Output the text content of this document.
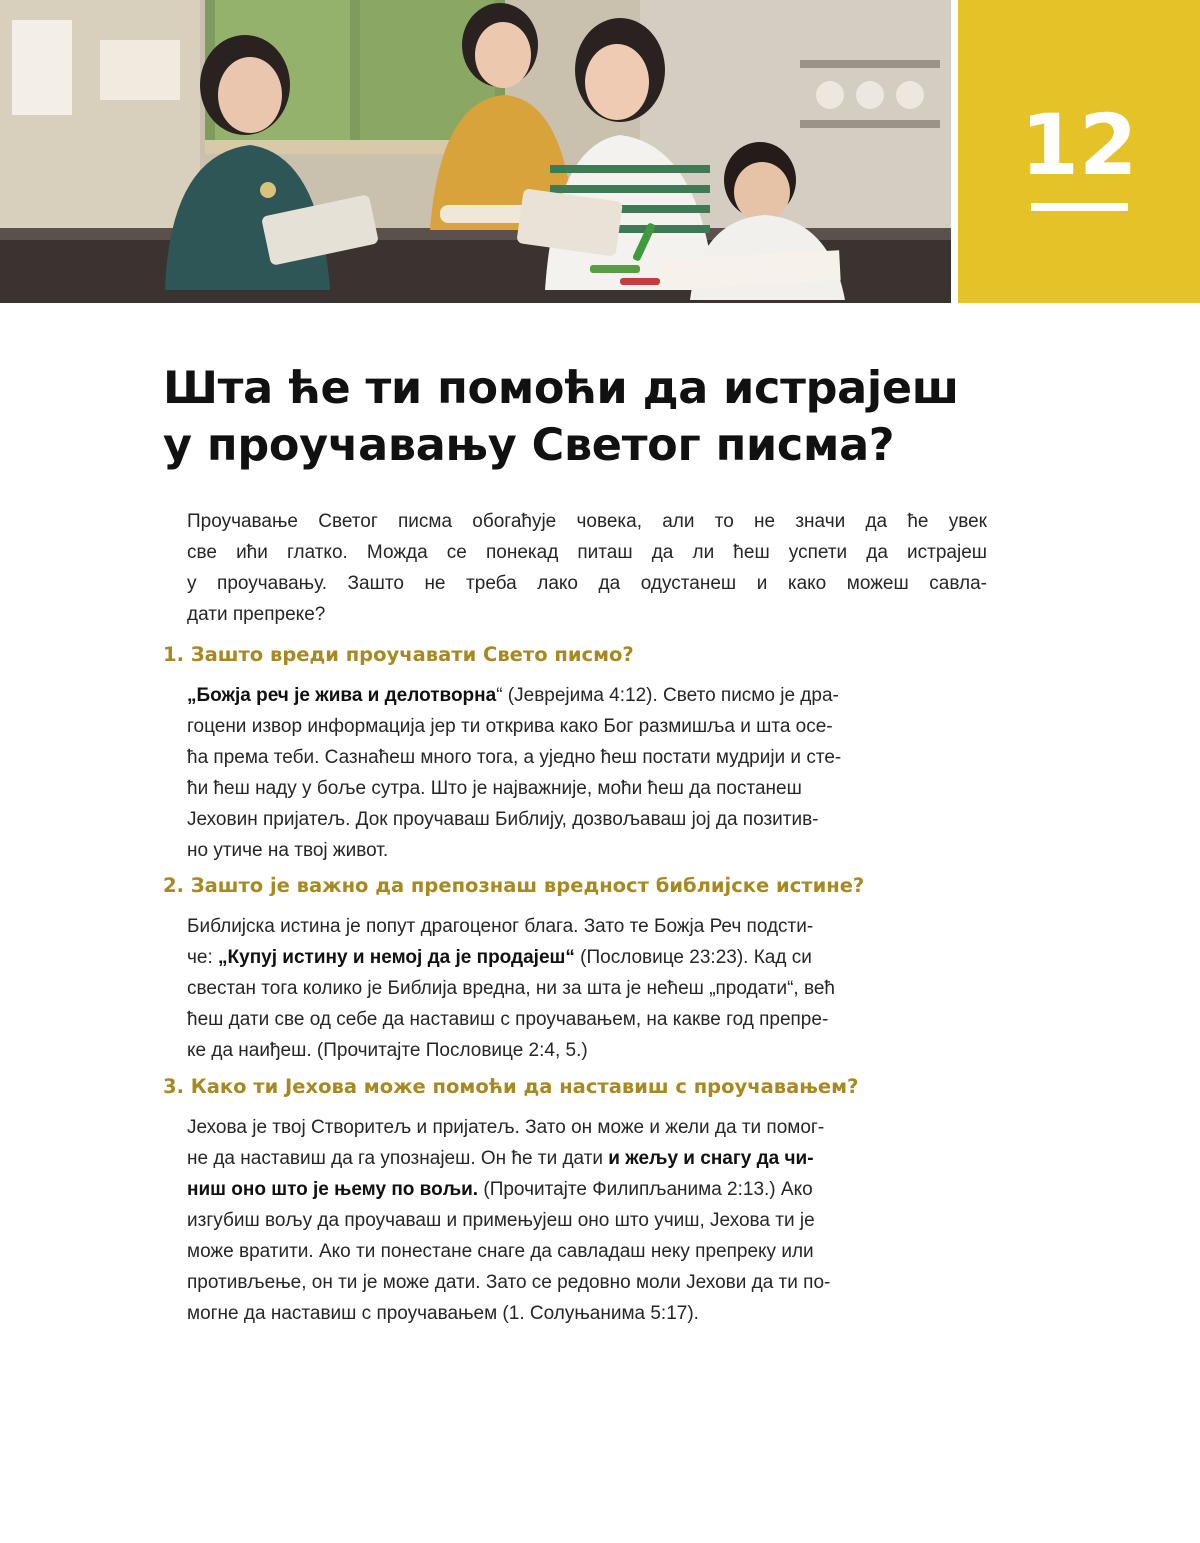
12
Шта ће ти помоћи да истрајеш
у проучавању Светог писма?

Проучавање Светог писма обогаћује човека, али то не значи да ће увек
све ићи глатко. Можда се понекад питаш да ли ћеш успети да истрајеш
у проучавању. Зашто не треба лако да одустанеш и како можеш савла-
дати препреке?

1. Зашто вреди проучавати Свето писмо?

„Божја реч је жива и делотворна“ (Јеврејима 4:12). Свето писмо је дра-
гоцени извор информација јер ти открива како Бог размишља и шта осе-
ћа према теби. Сазнаћеш много тога, а уједно ћеш постати мудрији и сте-
ћи ћеш наду у боље сутра. Што је најважније, моћи ћеш да постанеш
Јеховин пријатељ. Док проучаваш Библију, дозвољаваш јој да позитив-
но утиче на твој живот.

2. Зашто је важно да препознаш вредност библијске истине?

Библијска истина је попут драгоценог блага. Зато те Божја Реч подсти-
че: „Купуј истину и немој да је продајеш“ (Пословице 23:23). Кад си
свестан тога колико је Библија вредна, ни за шта је нећеш „продати“, већ
ћеш дати све од себе да наставиш с проучавањем, на какве год препре-
ке да наиђеш. (Прочитајте Пословице 2:4, 5.)

3. Како ти Јехова може помоћи да наставиш с проучавањем?

Јехова је твој Створитељ и пријатељ. Зато он може и жели да ти помог-
не да наставиш да га упознајеш. Он ће ти дати и жељу и снагу да чи-
ниш оно што је њему по вољи. (Прочитајте Филипљанима 2:13.) Ако
изгубиш вољу да проучаваш и примењујеш оно што учиш, Јехова ти је
може вратити. Ако ти понестане снаге да савладаш неку препреку или
противљење, он ти је може дати. Зато се редовно моли Јехови да ти по-
могне да наставиш с проучавањем (1. Солуњанима 5:17).
